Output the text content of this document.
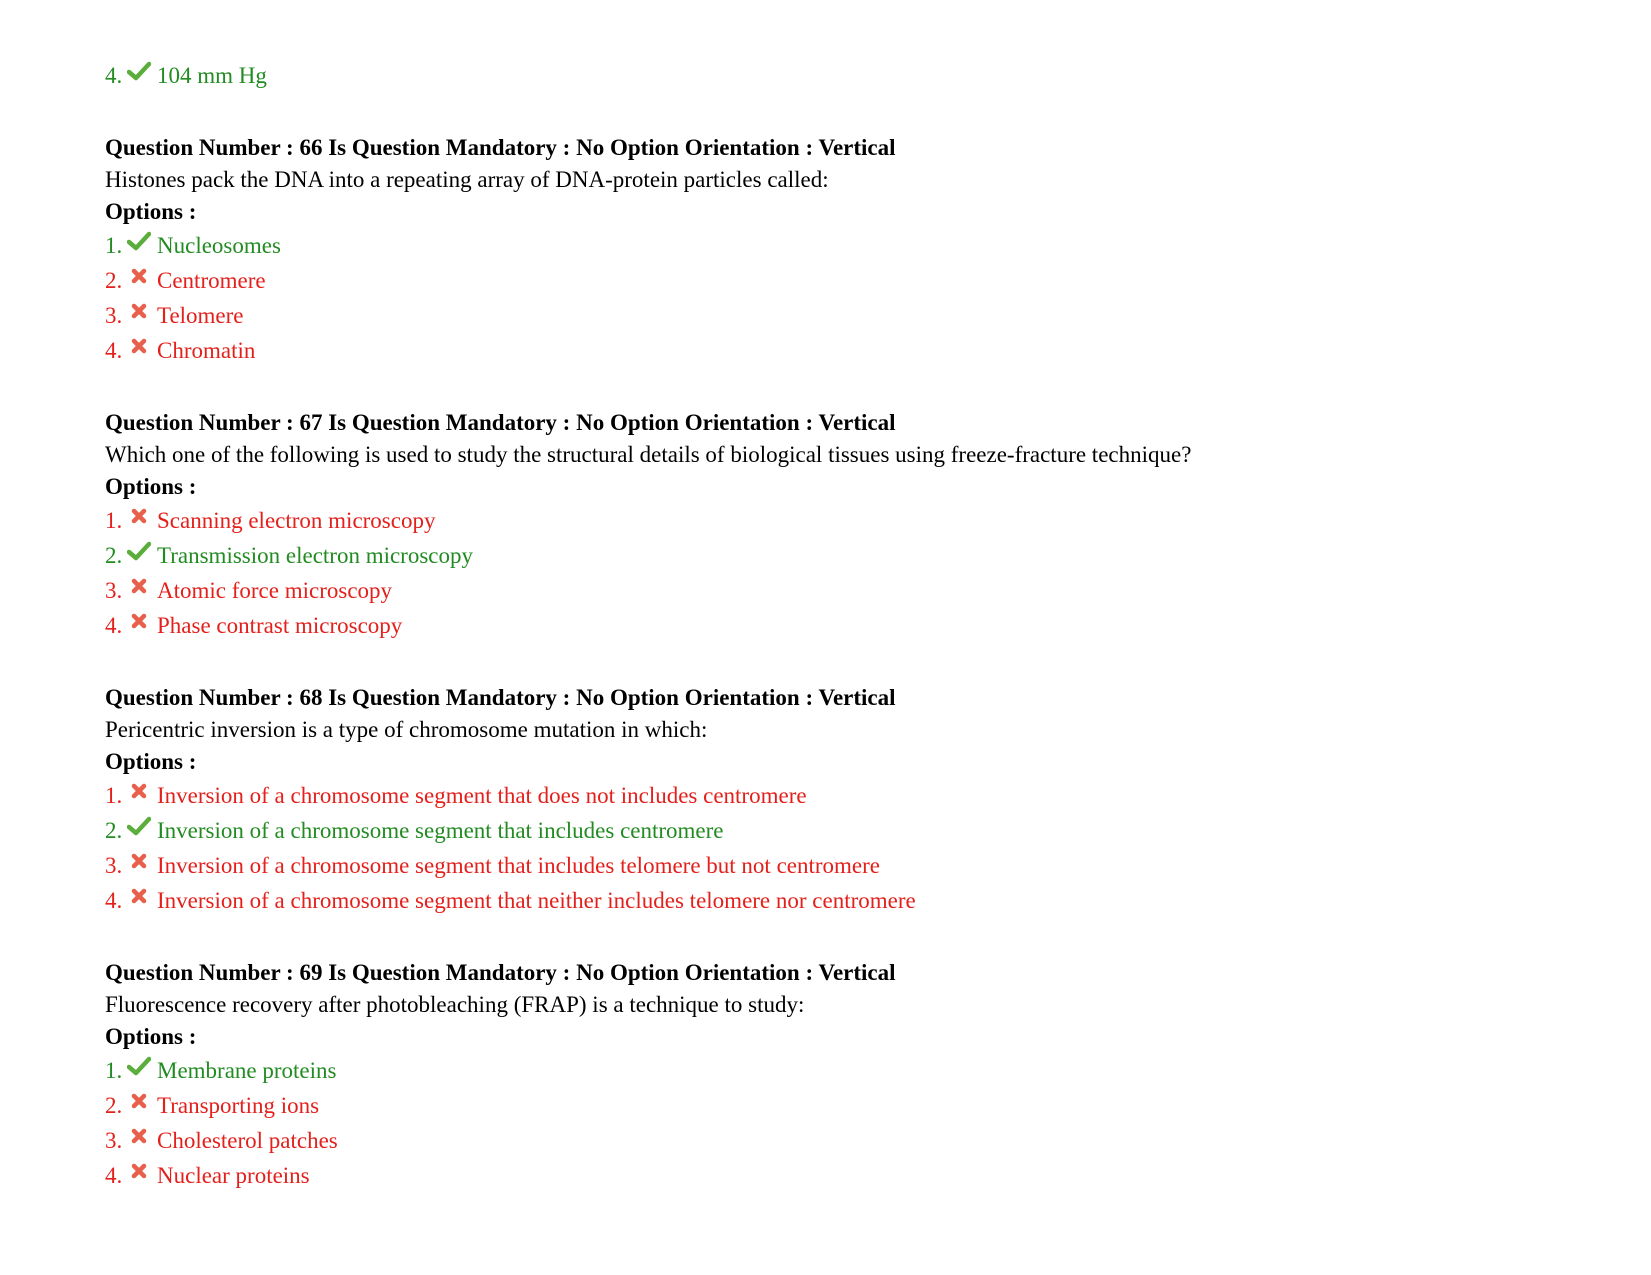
4. 104 mm Hg
Question Number : 66 Is Question Mandatory : No Option Orientation : Vertical
Histones pack the DNA into a repeating array of DNA-protein particles called:
Options :
1. Nucleosomes
2. Centromere
3. Telomere
4. Chromatin
Question Number : 67 Is Question Mandatory : No Option Orientation : Vertical
Which one of the following is used to study the structural details of biological tissues using freeze-fracture technique?
Options :
1. Scanning electron microscopy
2. Transmission electron microscopy
3. Atomic force microscopy
4. Phase contrast microscopy
Question Number : 68 Is Question Mandatory : No Option Orientation : Vertical
Pericentric inversion is a type of chromosome mutation in which:
Options :
1. Inversion of a chromosome segment that does not includes centromere
2. Inversion of a chromosome segment that includes centromere
3. Inversion of a chromosome segment that includes telomere but not centromere
4. Inversion of a chromosome segment that neither includes telomere nor centromere
Question Number : 69 Is Question Mandatory : No Option Orientation : Vertical
Fluorescence recovery after photobleaching (FRAP) is a technique to study:
Options :
1. Membrane proteins
2. Transporting ions
3. Cholesterol patches
4. Nuclear proteins
